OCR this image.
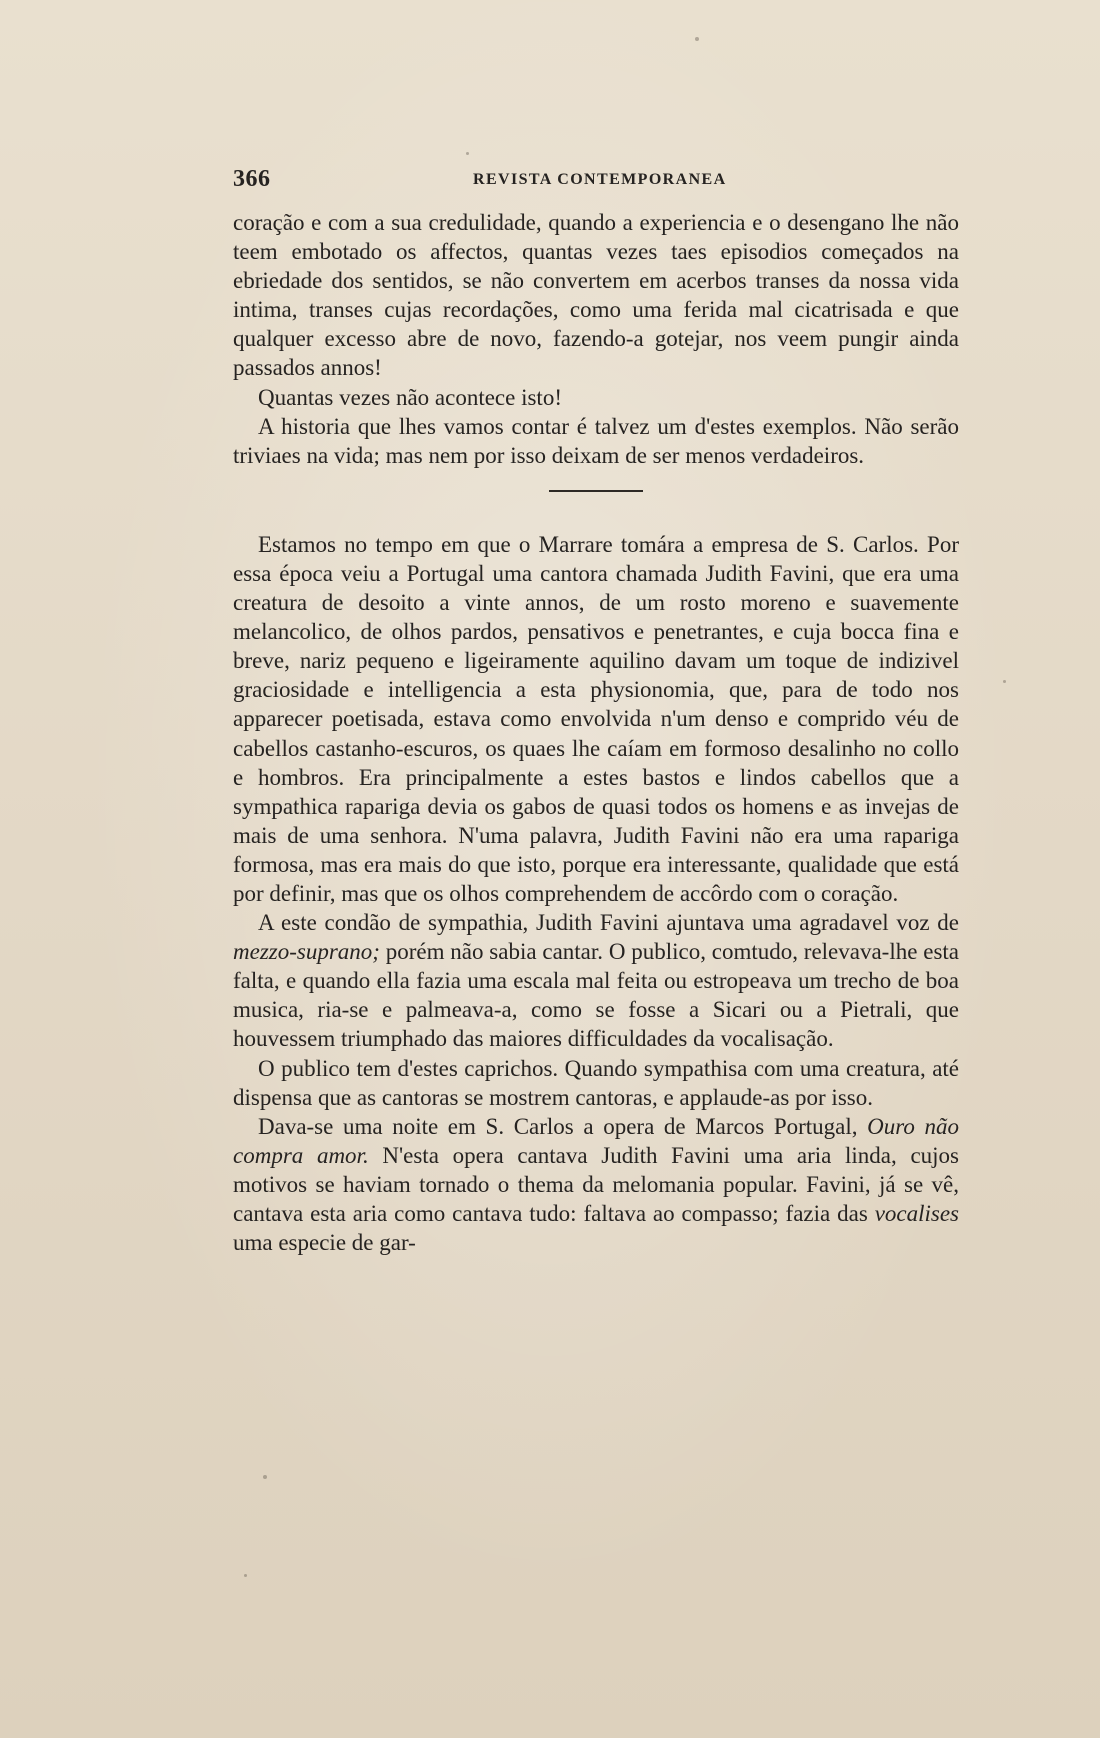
366	REVISTA CONTEMPORANEA

coração e com a sua credulidade, quando a experiencia e o desengano lhe não teem embotado os affectos, quantas vezes taes episodios começados na ebriedade dos sentidos, se não convertem em acerbos transes da nossa vida intima, transes cujas recordações, como uma ferida mal cicatrisada e que qualquer excesso abre de novo, fazendo-a gotejar, nos veem pungir ainda passados annos!

Quantas vezes não acontece isto!

A historia que lhes vamos contar é talvez um d'estes exemplos. Não serão triviaes na vida; mas nem por isso deixam de ser menos verdadeiros.

Estamos no tempo em que o Marrare tomára a empresa de S. Carlos. Por essa época veiu a Portugal uma cantora chamada Judith Favini, que era uma creatura de desoito a vinte annos, de um rosto moreno e suavemente melancolico, de olhos pardos, pensativos e penetrantes, e cuja bocca fina e breve, nariz pequeno e ligeiramente aquilino davam um toque de indizivel graciosidade e intelligencia a esta physionomia, que, para de todo nos apparecer poetisada, estava como envolvida n'um denso e comprido véu de cabellos castanho-escuros, os quaes lhe caíam em formoso desalinho no collo e hombros. Era principalmente a estes bastos e lindos cabellos que a sympathica rapariga devia os gabos de quasi todos os homens e as invejas de mais de uma senhora. N'uma palavra, Judith Favini não era uma rapariga formosa, mas era mais do que isto, porque era interessante, qualidade que está por definir, mas que os olhos comprehendem de accôrdo com o coração.

A este condão de sympathia, Judith Favini ajuntava uma agradavel voz de mezzo-suprano; porém não sabia cantar. O publico, comtudo, relevava-lhe esta falta, e quando ella fazia uma escala mal feita ou estropeava um trecho de boa musica, ria-se e palmeava-a, como se fosse a Sicari ou a Pietrali, que houvessem triumphado das maiores difficuldades da vocalisação.

O publico tem d'estes caprichos. Quando sympathisa com uma creatura, até dispensa que as cantoras se mostrem cantoras, e applaude-as por isso.

Dava-se uma noite em S. Carlos a opera de Marcos Portugal, Ouro não compra amor. N'esta opera cantava Judith Favini uma aria linda, cujos motivos se haviam tornado o thema da melomania popular. Favini, já se vê, cantava esta aria como cantava tudo: faltava ao compasso; fazia das vocalises uma especie de gar-
